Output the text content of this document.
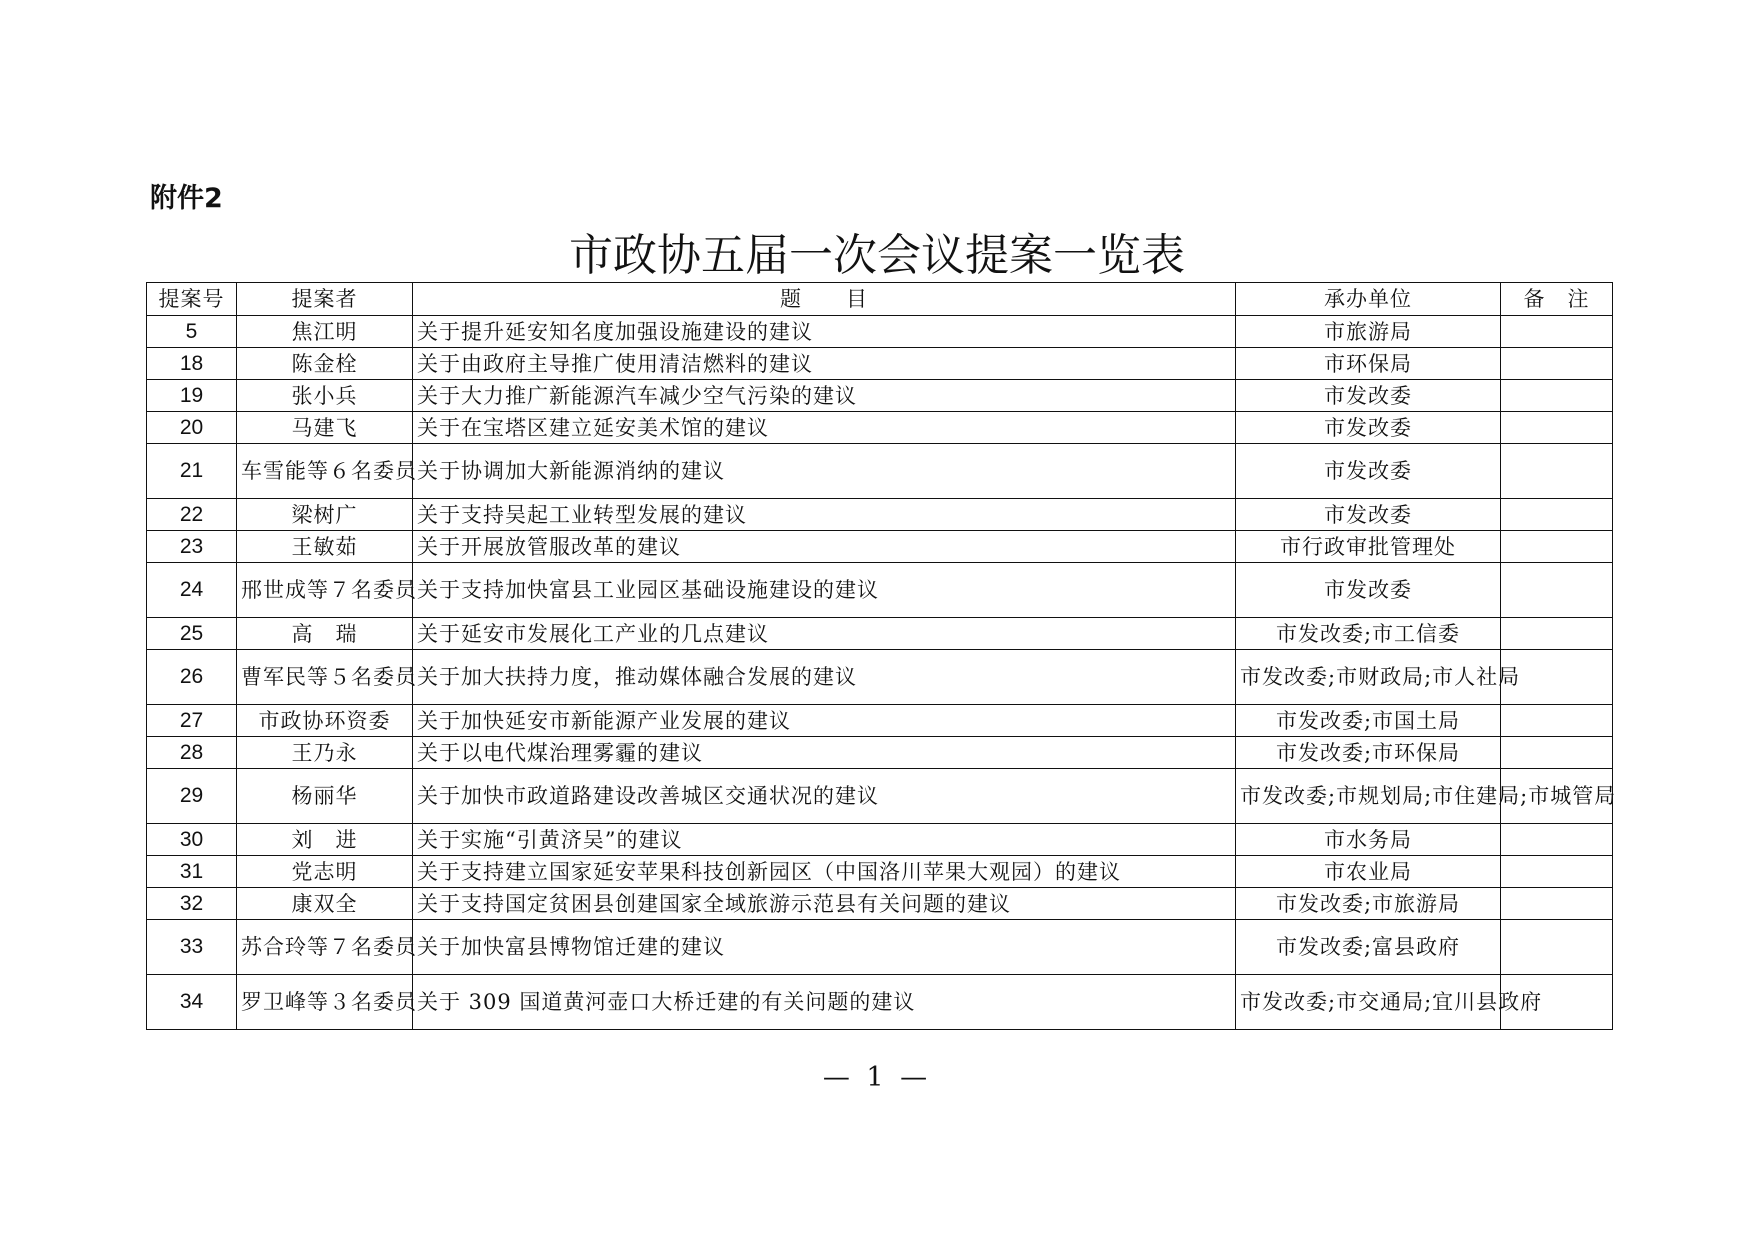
附件2
市政协五届一次会议提案一览表
提案号	提案者	题　　目	承办单位	备　注
5	焦江明	关于提升延安知名度加强设施建设的建议	市旅游局	
18	陈金栓	关于由政府主导推广使用清洁燃料的建议	市环保局	
19	张小兵	关于大力推广新能源汽车减少空气污染的建议	市发改委	
20	马建飞	关于在宝塔区建立延安美术馆的建议	市发改委	
21	车雪能等６名委员	关于协调加大新能源消纳的建议	市发改委	
22	梁树广	关于支持吴起工业转型发展的建议	市发改委	
23	王敏茹	关于开展放管服改革的建议	市行政审批管理处	
24	邢世成等７名委员	关于支持加快富县工业园区基础设施建设的建议	市发改委	
25	高　瑞	关于延安市发展化工产业的几点建议	市发改委;市工信委	
26	曹军民等５名委员	关于加大扶持力度，推动媒体融合发展的建议	市发改委;市财政局;市人社局	
27	市政协环资委	关于加快延安市新能源产业发展的建议	市发改委;市国土局	
28	王乃永	关于以电代煤治理雾霾的建议	市发改委;市环保局	
29	杨丽华	关于加快市政道路建设改善城区交通状况的建议	市发改委;市规划局;市住建局;市城管局	
30	刘　进	关于实施“引黄济吴”的建议	市水务局	
31	党志明	关于支持建立国家延安苹果科技创新园区（中国洛川苹果大观园）的建议	市农业局	
32	康双全	关于支持国定贫困县创建国家全域旅游示范县有关问题的建议	市发改委;市旅游局	
33	苏合玲等７名委员	关于加快富县博物馆迁建的建议	市发改委;富县政府	
34	罗卫峰等３名委员	关于 309 国道黄河壶口大桥迁建的有关问题的建议	市发改委;市交通局;宜川县政府	
— 1 —
